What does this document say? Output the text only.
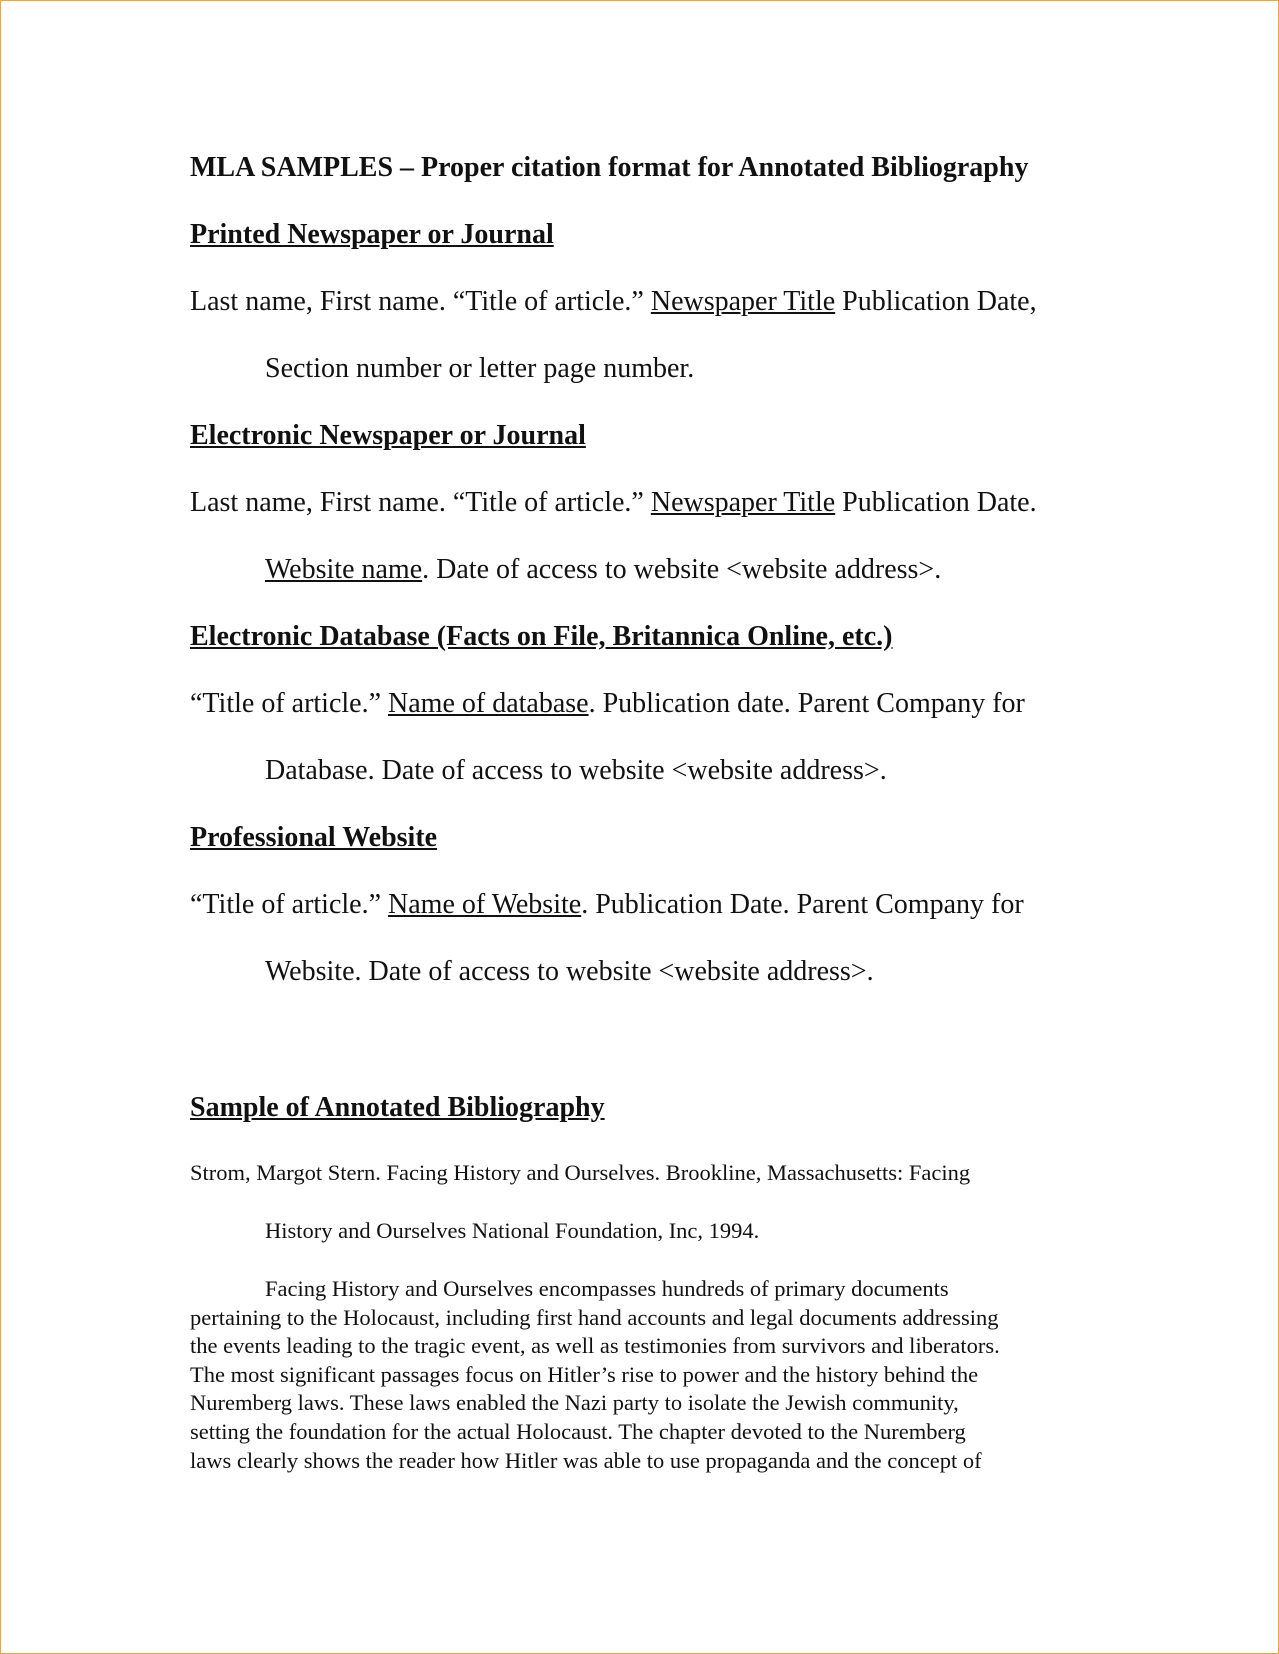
MLA SAMPLES – Proper citation format for Annotated Bibliography
Printed Newspaper or Journal
Last name, First name. “Title of article.” Newspaper Title Publication Date,
Section number or letter page number.
Electronic Newspaper or Journal
Last name, First name. “Title of article.” Newspaper Title Publication Date.
Website name. Date of access to website <website address>.
Electronic Database (Facts on File, Britannica Online, etc.)
“Title of article.” Name of database. Publication date. Parent Company for
Database. Date of access to website <website address>.
Professional Website
“Title of article.” Name of Website. Publication Date. Parent Company for
Website. Date of access to website <website address>.
Sample of Annotated Bibliography
Strom, Margot Stern. Facing History and Ourselves. Brookline, Massachusetts: Facing
History and Ourselves National Foundation, Inc, 1994.
Facing History and Ourselves encompasses hundreds of primary documents
pertaining to the Holocaust, including first hand accounts and legal documents addressing
the events leading to the tragic event, as well as testimonies from survivors and liberators.
The most significant passages focus on Hitler’s rise to power and the history behind the
Nuremberg laws. These laws enabled the Nazi party to isolate the Jewish community,
setting the foundation for the actual Holocaust. The chapter devoted to the Nuremberg
laws clearly shows the reader how Hitler was able to use propaganda and the concept of
